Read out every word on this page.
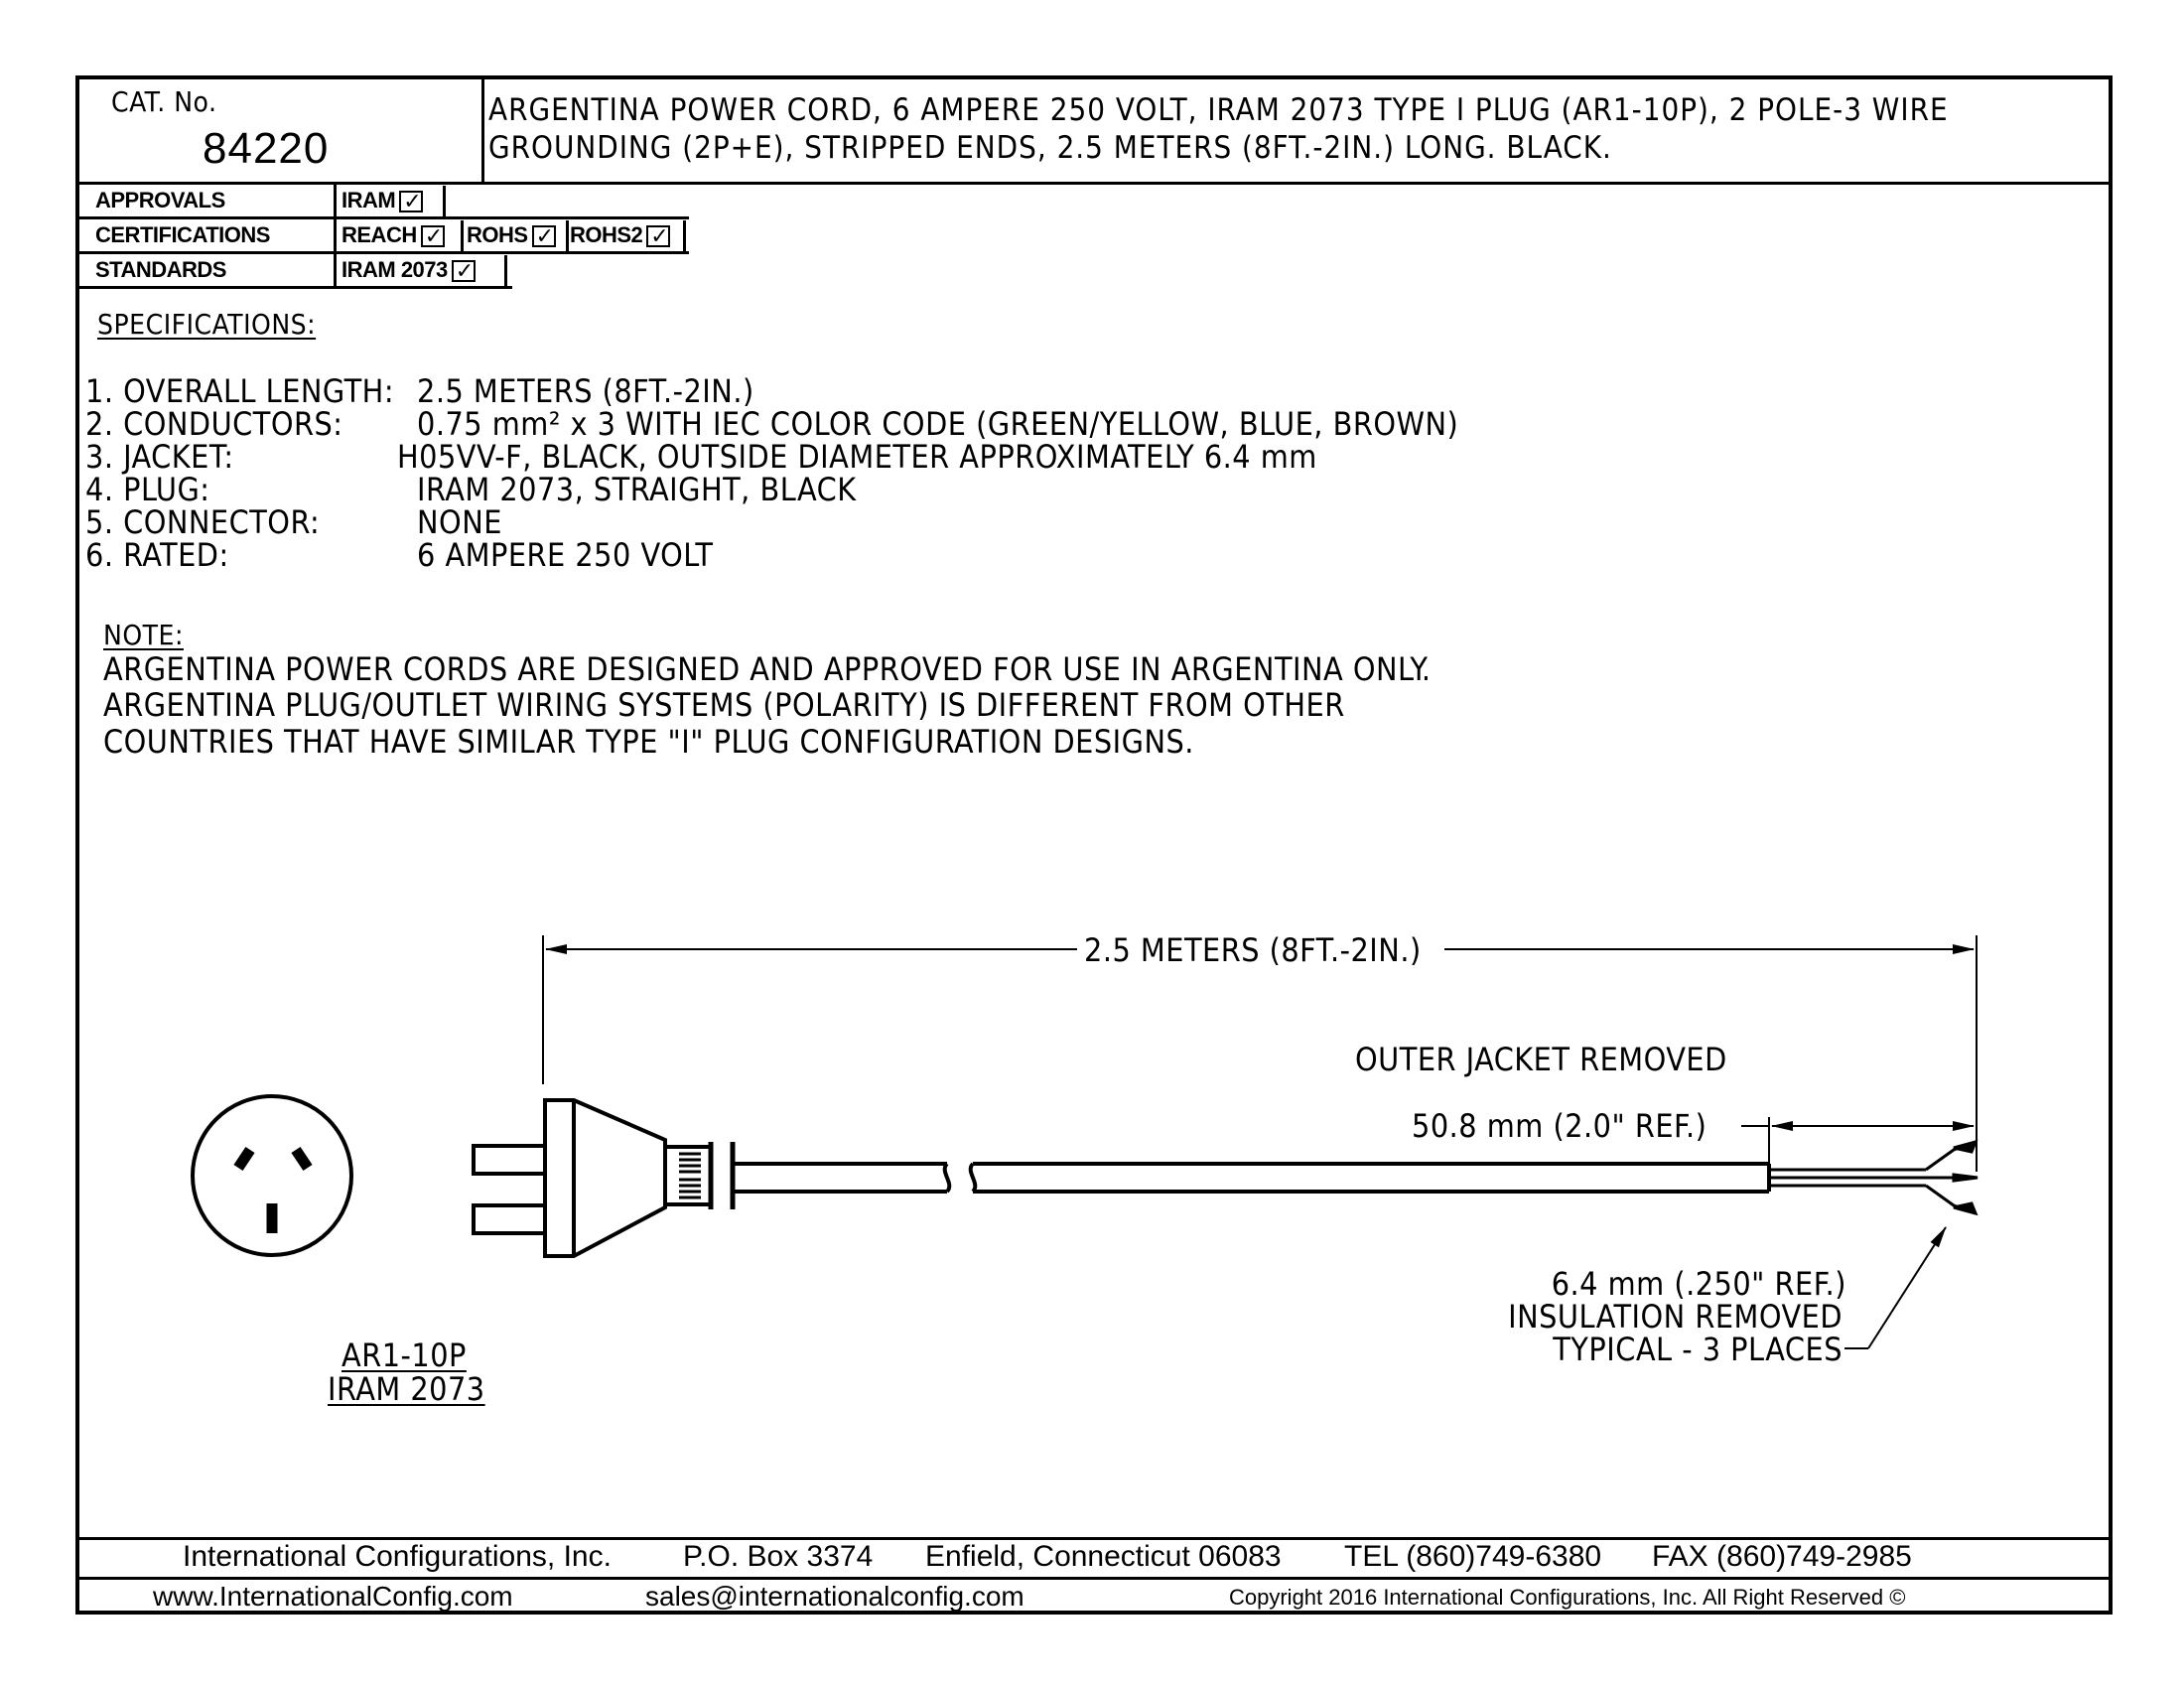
CAT. No.
84220
ARGENTINA POWER CORD, 6 AMPERE 250 VOLT, IRAM 2073 TYPE I PLUG (AR1-10P), 2 POLE-3 WIRE
GROUNDING (2P+E), STRIPPED ENDS, 2.5 METERS (8FT.-2IN.) LONG. BLACK.
APPROVALS
CERTIFICATIONS
STANDARDS
IRAM✓
REACH✓	ROHS✓	ROHS2✓
IRAM 2073✓
SPECIFICATIONS:
1. OVERALL LENGTH: 2.5 METERS (8FT.-2IN.)
2. CONDUCTORS: 0.75 mm² x 3 WITH IEC COLOR CODE (GREEN/YELLOW, BLUE, BROWN)
3. JACKET:	H05VV-F, BLACK, OUTSIDE DIAMETER APPROXIMATELY 6.4 mm
4. PLUG:	IRAM 2073, STRAIGHT, BLACK
5. CONNECTOR:	NONE
6. RATED:	6 AMPERE 250 VOLT
NOTE:
ARGENTINA POWER CORDS ARE DESIGNED AND APPROVED FOR USE IN ARGENTINA ONLY.
ARGENTINA PLUG/OUTLET WIRING SYSTEMS (POLARITY) IS DIFFERENT FROM OTHER
COUNTRIES THAT HAVE SIMILAR TYPE "I" PLUG CONFIGURATION DESIGNS.
2.5 METERS (8FT.-2IN.)
OUTER JACKET REMOVED
50.8 mm (2.0" REF.)
6.4 mm (.250" REF.)
INSULATION REMOVED
TYPICAL - 3 PLACES
AR1-10P
IRAM 2073
International Configurations, Inc. P.O. Box 3374 Enfield, Connecticut 06083 TEL (860)749-6380 FAX (860)749-2985
www.InternationalConfig.com	sales@internationalconfig.com	Copyright 2016 International Configurations, Inc. All Right Reserved ©
